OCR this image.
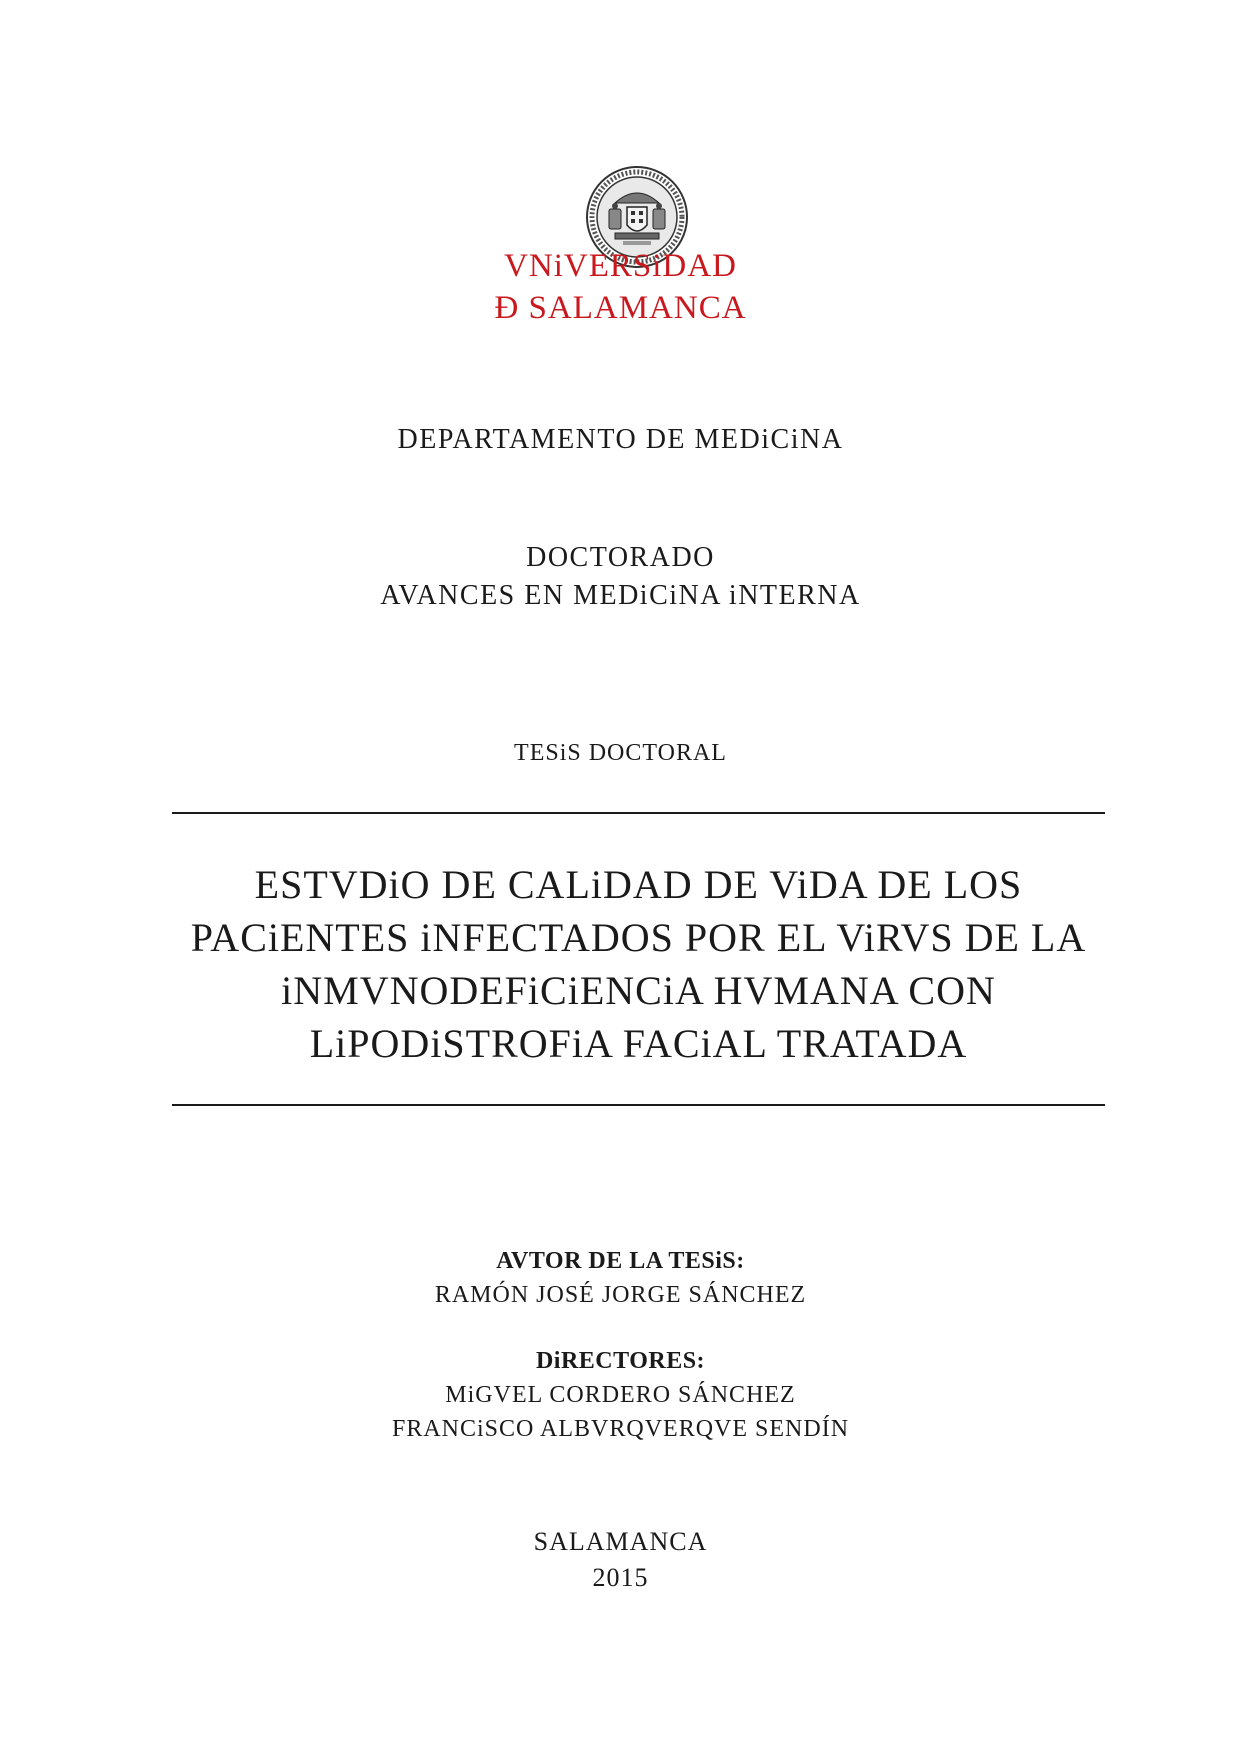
VNiVERSiDAD
Ð SALAMANCA
DEPARTAMENTO DE MEDiCiNA
DOCTORADO
AVANCES EN MEDiCiNA iNTERNA
TESiS DOCTORAL
ESTVDiO DE CALiDAD DE ViDA DE LOS
PACiENTES iNFECTADOS POR EL ViRVS DE LA
iNMVNODEFiCiENCiA HVMANA CON
LiPODiSTROFiA FACiAL TRATADA
AVTOR DE LA TESiS:
RAMÓN JOSÉ JORGE SÁNCHEZ
DiRECTORES:
MiGVEL CORDERO SÁNCHEZ
FRANCiSCO ALBVRQVERQVE SENDÍN
SALAMANCA
2015
